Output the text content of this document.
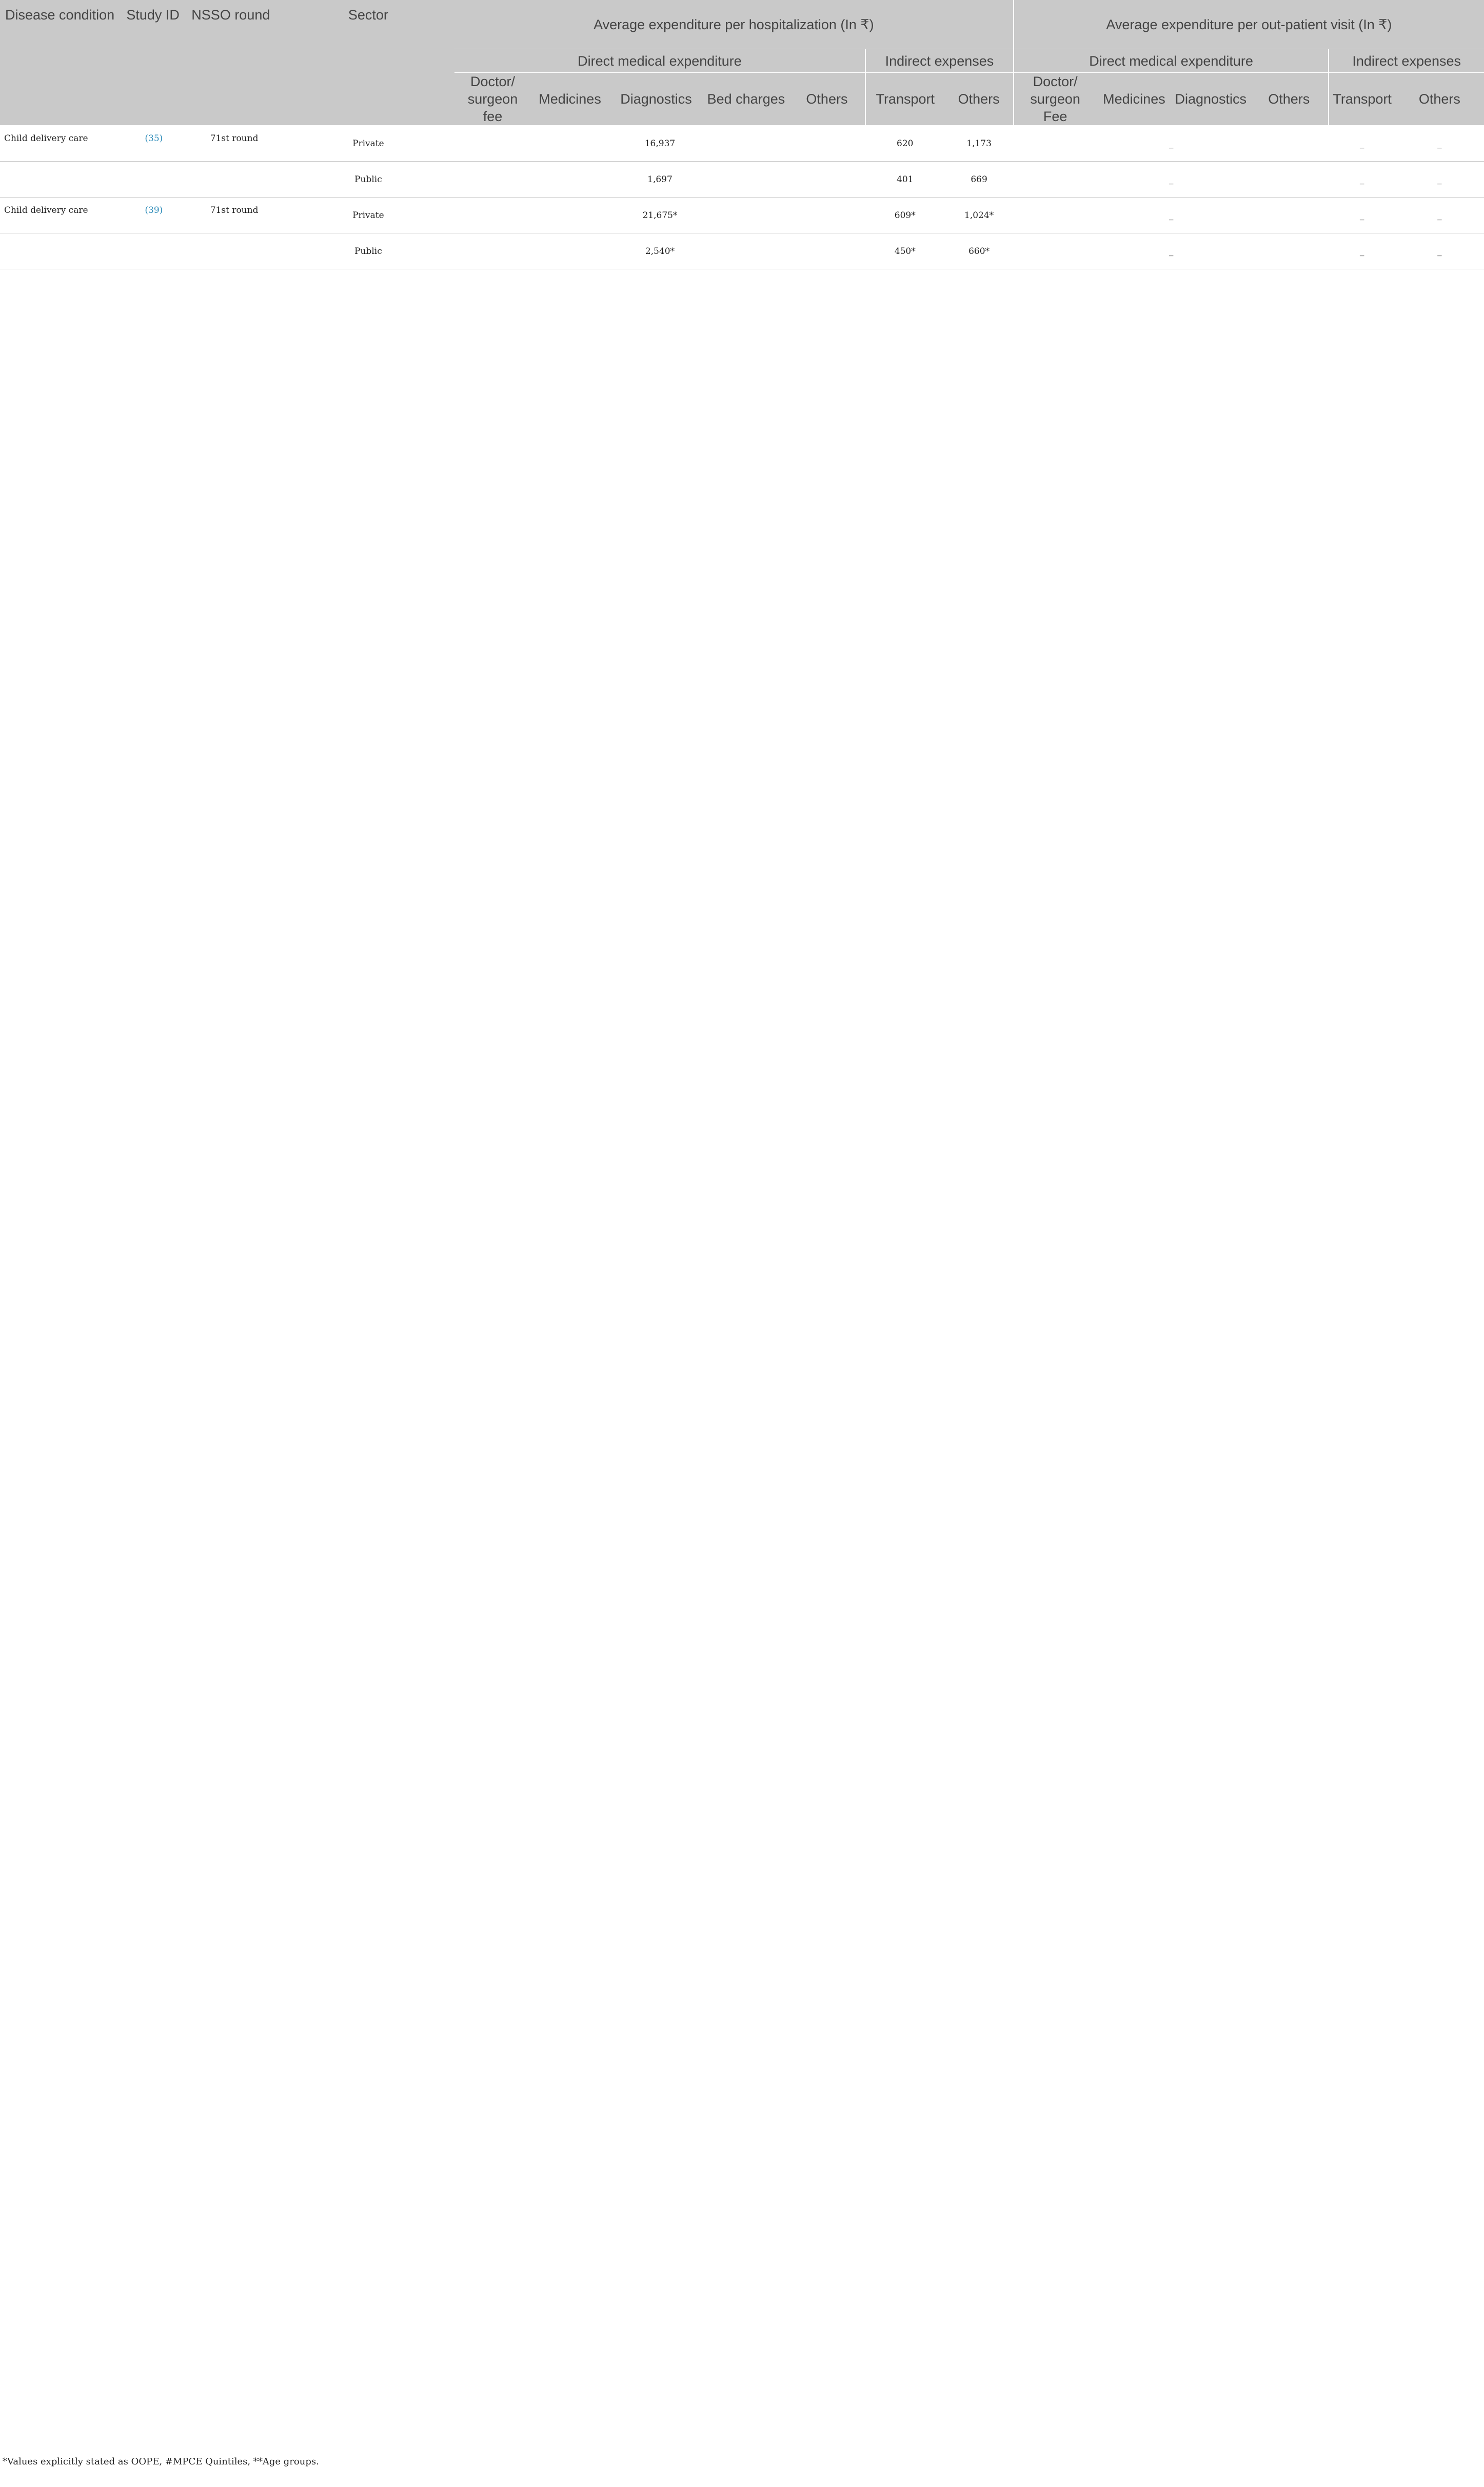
Disease condition	Study ID	NSSO round	Sector	Average expenditure per hospitalization (In ₹)							Average expenditure per out-patient visit (In ₹)					
				Direct medical expenditure					Indirect expenses		Direct medical expenditure				Indirect expenses	
				Doctor/ surgeon fee	Medicines	Diagnostics	Bed charges	Others	Transport	Others	Doctor/ surgeon Fee	Medicines	Diagnostics	Others	Transport	Others
Child delivery care	(35)	71st round	Private	16,937					620	1,173	_				_	_
			Public	1,697					401	669	_				_	_
Child delivery care	(39)	71st round	Private	21,675*					609*	1,024*	_				_	_
			Public	2,540*					450*	660*	_				_	_
*Values explicitly stated as OOPE, #MPCE Quintiles, **Age groups.
